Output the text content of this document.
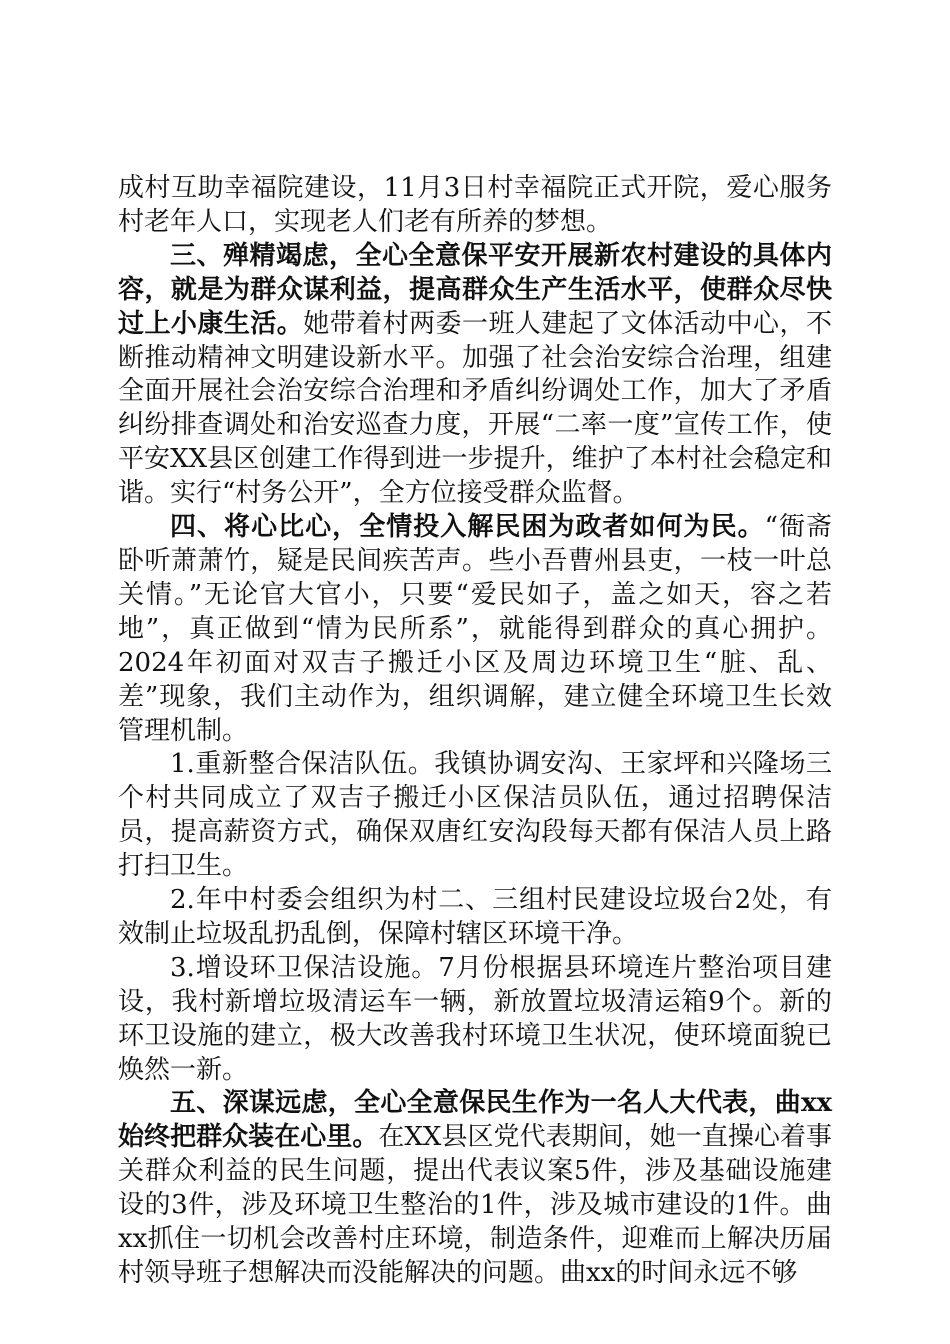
成村互助幸福院建设，11月3日村幸福院正式开院，爱心服务村老年人口，实现老人们老有所养的梦想。

三、殚精竭虑，全心全意保平安开展新农村建设的具体内容，就是为群众谋利益，提高群众生产生活水平，使群众尽快过上小康生活。她带着村两委一班人建起了文体活动中心，不断推动精神文明建设新水平。加强了社会治安综合治理，组建全面开展社会治安综合治理和矛盾纠纷调处工作，加大了矛盾纠纷排查调处和治安巡查力度，开展“二率一度”宣传工作，使平安XX县区创建工作得到进一步提升，维护了本村社会稳定和谐。实行“村务公开”，全方位接受群众监督。

四、将心比心，全情投入解民困为政者如何为民。“衙斋卧听萧萧竹，疑是民间疾苦声。些小吾曹州县吏，一枝一叶总关情。”无论官大官小，只要“爱民如子，盖之如天，容之若地”，真正做到“情为民所系”，就能得到群众的真心拥护。2024年初面对双吉子搬迁小区及周边环境卫生“脏、乱、差”现象，我们主动作为，组织调解，建立健全环境卫生长效管理机制。

1.重新整合保洁队伍。我镇协调安沟、王家坪和兴隆场三个村共同成立了双吉子搬迁小区保洁员队伍，通过招聘保洁员，提高薪资方式，确保双唐红安沟段每天都有保洁人员上路打扫卫生。

2.年中村委会组织为村二、三组村民建设垃圾台2处，有效制止垃圾乱扔乱倒，保障村辖区环境干净。

3.增设环卫保洁设施。7月份根据县环境连片整治项目建设，我村新增垃圾清运车一辆，新放置垃圾清运箱9个。新的环卫设施的建立，极大改善我村环境卫生状况，使环境面貌已焕然一新。

五、深谋远虑，全心全意保民生作为一名人大代表，曲xx始终把群众装在心里。在XX县区党代表期间，她一直操心着事关群众利益的民生问题，提出代表议案5件，涉及基础设施建设的3件，涉及环境卫生整治的1件，涉及城市建设的1件。曲xx抓住一切机会改善村庄环境，制造条件，迎难而上解决历届村领导班子想解决而没能解决的问题。曲xx的时间永远不够
